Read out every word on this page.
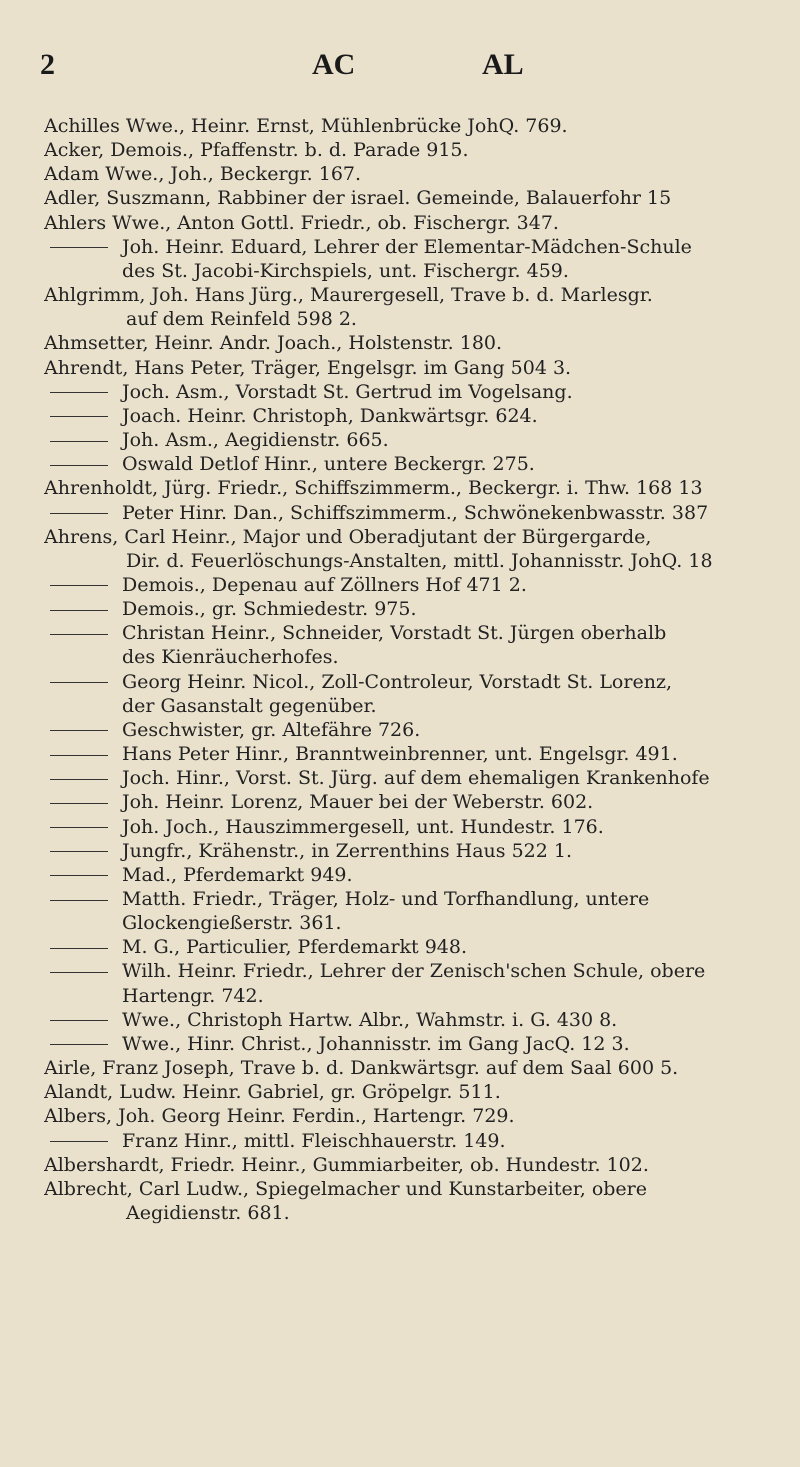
2	AC	AL
Achilles Wwe., Heinr. Ernst, Mühlenbrücke JohQ. 769.
Acker, Demois., Pfaffenstr. b. d. Parade 915.
Adam Wwe., Joh., Beckergr. 167.
Adler, Suszmann, Rabbiner der israel. Gemeinde, Balauerfohr 15
Ahlers Wwe., Anton Gottl. Friedr., ob. Fischergr. 347.
Joh. Heinr. Eduard, Lehrer der Elementar-Mädchen-Schule
des St. Jacobi-Kirchspiels, unt. Fischergr. 459.
Ahlgrimm, Joh. Hans Jürg., Maurergesell, Trave b. d. Marlesgr.
auf dem Reinfeld 598 2.
Ahmsetter, Heinr. Andr. Joach., Holstenstr. 180.
Ahrendt, Hans Peter, Träger, Engelsgr. im Gang 504 3.
Joch. Asm., Vorstadt St. Gertrud im Vogelsang.
Joach. Heinr. Christoph, Dankwärtsgr. 624.
Joh. Asm., Aegidienstr. 665.
Oswald Detlof Hinr., untere Beckergr. 275.
Ahrenholdt, Jürg. Friedr., Schiffszimmerm., Beckergr. i. Thw. 168 13
Peter Hinr. Dan., Schiffszimmerm., Schwönekenbwasstr. 387
Ahrens, Carl Heinr., Major und Oberadjutant der Bürgergarde,
Dir. d. Feuerlöschungs-Anstalten, mittl. Johannisstr. JohQ. 18
Demois., Depenau auf Zöllners Hof 471 2.
Demois., gr. Schmiedestr. 975.
Christan Heinr., Schneider, Vorstadt St. Jürgen oberhalb
des Kienräucherhofes.
Georg Heinr. Nicol., Zoll-Controleur, Vorstadt St. Lorenz,
der Gasanstalt gegenüber.
Geschwister, gr. Altefähre 726.
Hans Peter Hinr., Branntweinbrenner, unt. Engelsgr. 491.
Joch. Hinr., Vorst. St. Jürg. auf dem ehemaligen Krankenhofe
Joh. Heinr. Lorenz, Mauer bei der Weberstr. 602.
Joh. Joch., Hauszimmergesell, unt. Hundestr. 176.
Jungfr., Krähenstr., in Zerrenthins Haus 522 1.
Mad., Pferdemarkt 949.
Matth. Friedr., Träger, Holz- und Torfhandlung, untere
Glockengießerstr. 361.
M. G., Particulier, Pferdemarkt 948.
Wilh. Heinr. Friedr., Lehrer der Zenisch'schen Schule, obere
Hartengr. 742.
Wwe., Christoph Hartw. Albr., Wahmstr. i. G. 430 8.
Wwe., Hinr. Christ., Johannisstr. im Gang JacQ. 12 3.
Airle, Franz Joseph, Trave b. d. Dankwärtsgr. auf dem Saal 600 5.
Alandt, Ludw. Heinr. Gabriel, gr. Gröpelgr. 511.
Albers, Joh. Georg Heinr. Ferdin., Hartengr. 729.
Franz Hinr., mittl. Fleischhauerstr. 149.
Albershardt, Friedr. Heinr., Gummiarbeiter, ob. Hundestr. 102.
Albrecht, Carl Ludw., Spiegelmacher und Kunstarbeiter, obere
Aegidienstr. 681.
